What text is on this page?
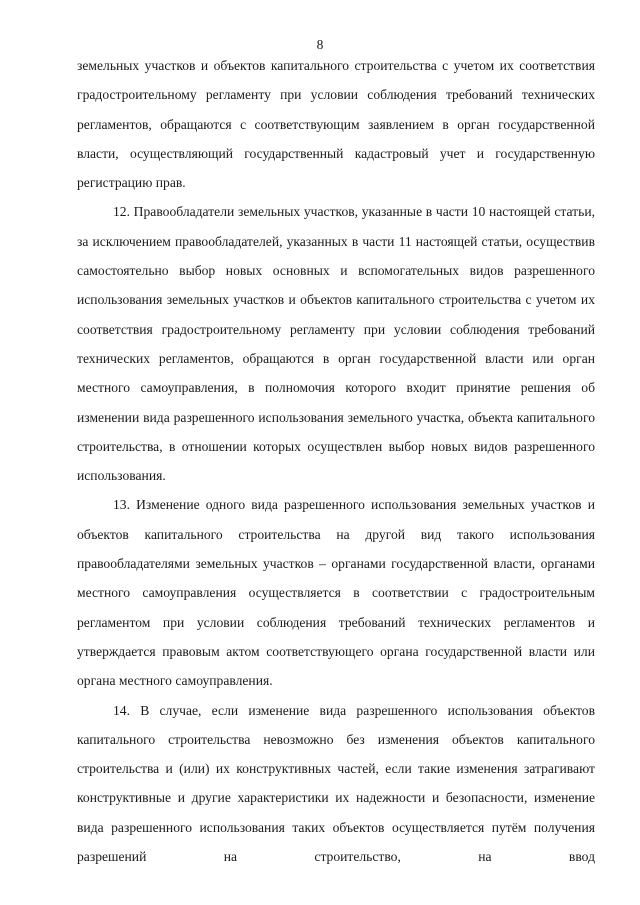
8

земельных участков и объектов капитального строительства с учетом их соответствия градостроительному регламенту при условии соблюдения требований технических регламентов, обращаются с соответствующим заявлением в орган государственной власти, осуществляющий государственный кадастровый учет и государственную регистрацию прав.

12. Правообладатели земельных участков, указанные в части 10 настоящей статьи, за исключением правообладателей, указанных в части 11 настоящей статьи, осуществив самостоятельно выбор новых основных и вспомогательных видов разрешенного использования земельных участков и объектов капитального строительства с учетом их соответствия градостроительному регламенту при условии соблюдения требований технических регламентов, обращаются в орган государственной власти или орган местного самоуправления, в полномочия которого входит принятие решения об изменении вида разрешенного использования земельного участка, объекта капитального строительства, в отношении которых осуществлен выбор новых видов разрешенного использования.

13. Изменение одного вида разрешенного использования земельных участков и объектов капитального строительства на другой вид такого использования правообладателями земельных участков – органами государственной власти, органами местного самоуправления осуществляется в соответствии с градостроительным регламентом при условии соблюдения требований технических регламентов и утверждается правовым актом соответствующего органа государственной власти или органа местного самоуправления.

14. В случае, если изменение вида разрешенного использования объектов капитального строительства невозможно без изменения объектов капитального строительства и (или) их конструктивных частей, если такие изменения затрагивают конструктивные и другие характеристики их надежности и безопасности, изменение вида разрешенного использования таких объектов осуществляется путём получения разрешений на строительство, на ввод
